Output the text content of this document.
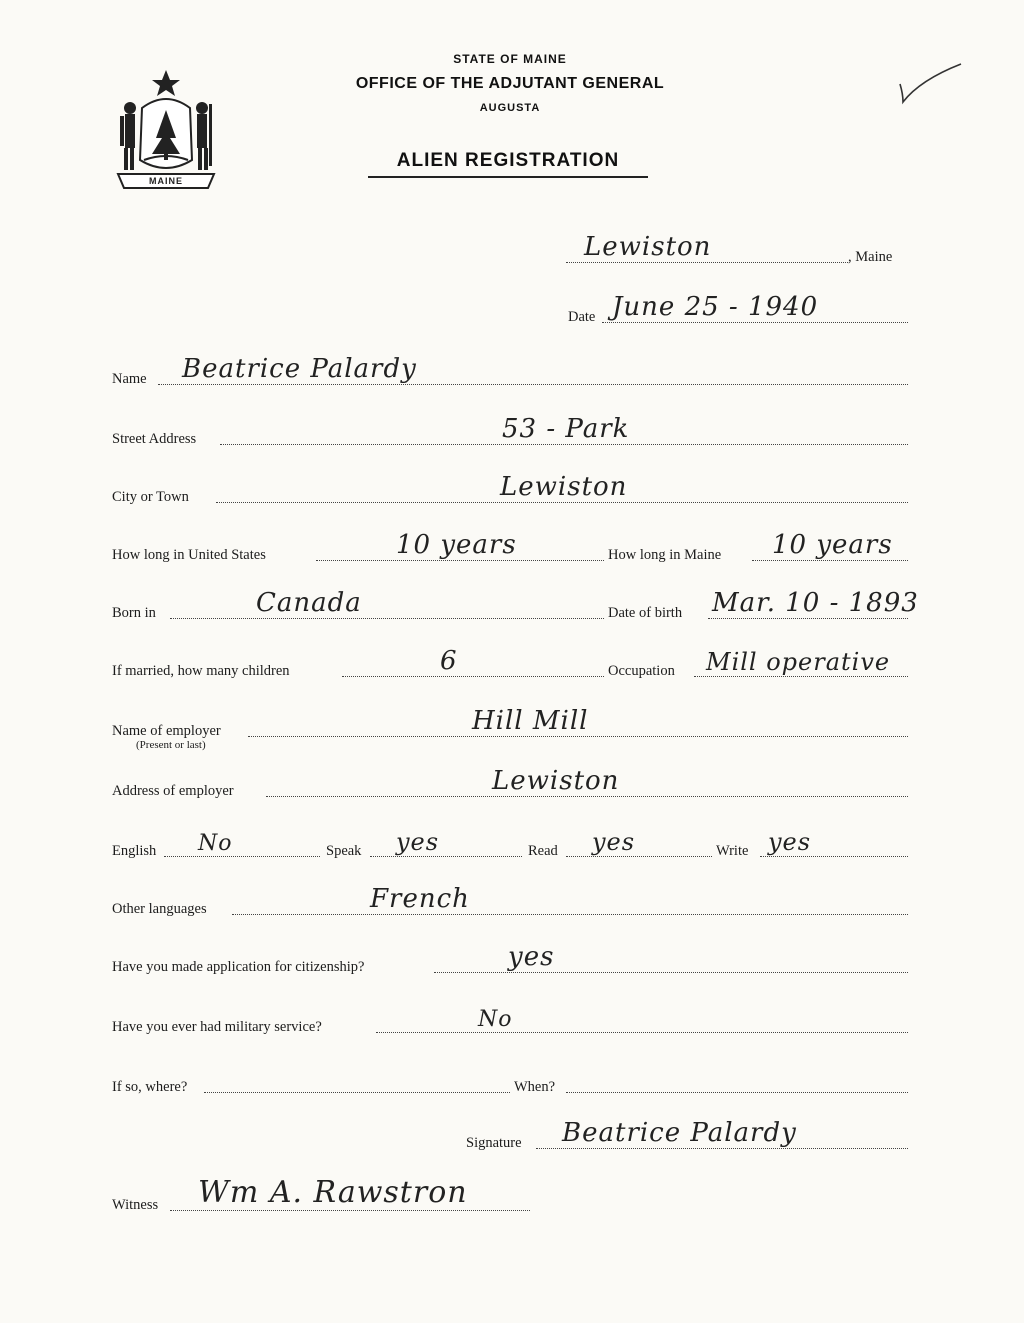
STATE OF MAINE
OFFICE OF THE ADJUTANT GENERAL
AUGUSTA
ALIEN REGISTRATION
MAINE
Lewiston	, Maine
Date June 25 - 1940
Name Beatrice Palardy
Street Address	53 - Park
City or Town	Lewiston
How long in United States	10 years	How long in Maine 10 years
Born in	Canada	Date of birth Mar. 10 - 1893
If married, how many children	6	Occupation Mill operative
Name of employer	Hill Mill
(Present or last)
Address of employer	Lewiston
English No	Speak yes	Read yes	Write yes
Other languages	French
Have you made application for citizenship?	yes
Have you ever had military service?	No
If so, where?	When?
Signature Beatrice Palardy
Witness Wm A. Rawstron
